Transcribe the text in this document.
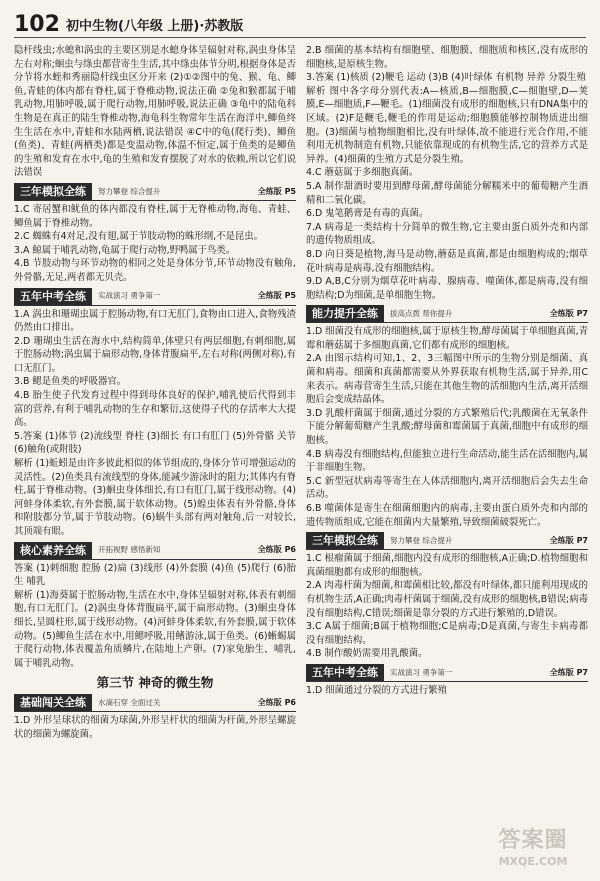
102 初中生物(八年级 上册)·苏教版

隐杆线虫;水螅和涡虫的主要区别是水螅身体呈辐射对称,涡虫身体呈左右对称;蛔虫与绦虫都营寄生生活,其中绦虫体节分明,根据身体是否分节将水蛭和秀丽隐杆线虫区分开来 (2)①②图中的兔、猴、龟、鲫鱼,青蛙的体内都有脊柱,属于脊椎动物,说法正确 ②兔和猴都属于哺乳动物,用肺呼吸,属于爬行动物,用肺呼吸,说法正确 ③龟中的陆龟科生物是在真正的陆生脊椎动物,海龟科生物常年生活在海洋中,鲫鱼终生生活在水中,青蛙和水陆两栖,说法错误 ④C中的龟(爬行类)、鲫鱼(鱼类)、青蛙(两栖类)都是变温动物,体温不恒定,属于鱼类的是鲫鱼的生殖和发育在水中,龟的生殖和发育摆脱了对水的依赖,所以它们说法错误

三年模拟全练	努力攀登 综合提升	全练版 P5

1.C 寄居蟹和鱿鱼的体内都没有脊柱,属于无脊椎动物,海龟、青蛙、鲫鱼属于脊椎动物。

2.C 蜘蛛有4对足,没有翅,属于节肢动物的蛛形纲,不是昆虫。

3.A 鲸属于哺乳动物,龟属于爬行动物,野鸭属于鸟类。

4.B 节肢动物与环节动物的相同之处是身体分节,环节动物没有触角,外骨骼,无足,两者都无贝壳。

五年中考全练	实战演习 勇争第一	全练版 P5

1.A 涡虫和珊瑚虫属于腔肠动物,有口无肛门,食物由口进入,食物残渣仍然由口排出。

2.D 珊瑚虫生活在海水中,结构简单,体壁只有两层细胞,有刺细胞,属于腔肠动物;涡虫属于扁形动物,身体背腹扁平,左右对称(两侧对称),有口无肛门。

3.B 鳃是鱼类的呼吸器官。

4.B 胎生使子代发育过程中得到母体良好的保护,哺乳使后代得到丰富的营养,有利于哺乳动物的生存和繁衍,这使得子代的存活率大大提高。

5.答案 (1)体节 (2)流线型 脊柱 (3)细长 有口有肛门 (5)外骨骼 关节(6)触角(或附肢)

解析 (1)蚯蚓是由许多彼此相似的体节组成的,身体分节可增强运动的灵活性。(2)鱼类具有流线型的身体,能减少游泳时的阻力;其体内有脊柱,属于脊椎动物。(3)蛔虫身体细长,有口有肛门,属于线形动物。(4)河蚌身体柔软,有外套膜,属于软体动物。(5)蝗虫体表有外骨骼,身体和附肢都分节,属于节肢动物。(6)蜗牛头部有两对触角,后一对较长,其顶端有眼。

核心素养全练	开拓视野 感悟新知	全练版 P6

答案 (1)刺细胞 腔肠 (2)扁 (3)线形 (4)外套膜 (4)鱼 (5)爬行 (6)胎生 哺乳

解析 (1)海葵属于腔肠动物,生活在水中,身体呈辐射对称,体表有刺细胞,有口无肛门。(2)涡虫身体背腹扁平,属于扁形动物。(3)蛔虫身体细长,呈圆柱形,属于线形动物。(4)河蚌身体柔软,有外套膜,属于软体动物。(5)鲫鱼生活在水中,用鳃呼吸,用鳍游泳,属于鱼类。(6)蜥蜴属于爬行动物,体表覆盖角质鳞片,在陆地上产卵。(7)家兔胎生、哺乳,属于哺乳动物。

第三节 神奇的微生物
基础闯关全练	水滴石穿 全面过关	全练版 P6

1.D 外形呈球状的细菌为球菌,外形呈杆状的细菌为杆菌,外形呈螺旋状的细菌为螺旋菌。

2.B 细菌的基本结构有细胞壁、细胞膜、细胞质和核区,没有成形的细胞核,是原核生物。

3.答案 (1)核质 (2)鞭毛 运动 (3)B (4)叶绿体 有机物 异养 分裂生殖

解析 图中各字母分别代表:A—核质,B—细胞膜,C—细胞壁,D—荚膜,E—细胞质,F—鞭毛。(1)细菌没有成形的细胞核,只有DNA集中的区域。(2)F是鞭毛,鞭毛的作用是运动;细胞膜能够控制物质进出细胞。(3)细菌与植物细胞相比,没有叶绿体,故不能进行光合作用,不能利用无机物制造有机物,只能依靠现成的有机物生活,它的营养方式是异养。(4)细菌的生殖方式是分裂生殖。

4.C 蘑菇属于多细胞真菌。

5.A 制作甜酒时要用到酵母菌,酵母菌能分解糯米中的葡萄糖产生酒精和二氧化碳。

6.D 鬼笔鹅膏是有毒的真菌。

7.A 病毒是一类结构十分简单的微生物,它主要由蛋白质外壳和内部的遗传物质组成。

8.D 向日葵是植物,海马是动物,蘑菇是真菌,都是由细胞构成的;烟草花叶病毒是病毒,没有细胞结构。

9.D A,B,C分别为烟草花叶病毒、腺病毒、噬菌体,都是病毒,没有细胞结构;D为细菌,是单细胞生物。

能力提升全练	拔高点拨 帮你提升	全练版 P7

1.D 细菌没有成形的细胞核,属于原核生物,酵母菌属于单细胞真菌,青霉和蘑菇属于多细胞真菌,它们都有成形的细胞核。

2.A 由图示结构可知,1、2、3三幅图中所示的生物分别是细菌、真菌和病毒。细菌和真菌都需要从外界获取有机物生活,属于异养,用C来表示。病毒营寄生生活,只能在其他生物的活细胞内生活,离开活细胞后会变成结晶体。

3.D 乳酸杆菌属于细菌,通过分裂的方式繁殖后代;乳酸菌在无氧条件下能分解葡萄糖产生乳酸;酵母菌和霉菌属于真菌,细胞中有成形的细胞核。

4.B 病毒没有细胞结构,但能独立进行生命活动,能生活在活细胞内,属于非细胞生物。

5.C 新型冠状病毒等寄生在人体活细胞内,离开活细胞后会失去生命活动。

6.B 噬菌体是寄生在细菌细胞内的病毒,主要由蛋白质外壳和内部的遗传物质组成,它能在细菌内大量繁殖,导致细菌破裂死亡。

三年模拟全练	努力攀登 综合提升	全练版 P7

1.C 根瘤菌属于细菌,细胞内没有成形的细胞核,A正确;D.植物细胞和真菌细胞都有成形的细胞核。

2.A 肉毒杆菌为细菌,和霉菌相比较,都没有叶绿体,都只能利用现成的有机物生活,A正确;肉毒杆菌属于细菌,没有成形的细胞核,B错误;病毒没有细胞结构,C错误;细菌是靠分裂的方式进行繁殖的,D错误。

3.C A属于细菌;B属于植物细胞;C是病毒;D是真菌,与寄生卡病毒都没有细胞结构。

4.B 制作酸奶需要用乳酸菌。

五年中考全练	实战演习 勇争第一	全练版 P7

1.D 细菌通过分裂的方式进行繁殖

答案圈
MXQE.COM
